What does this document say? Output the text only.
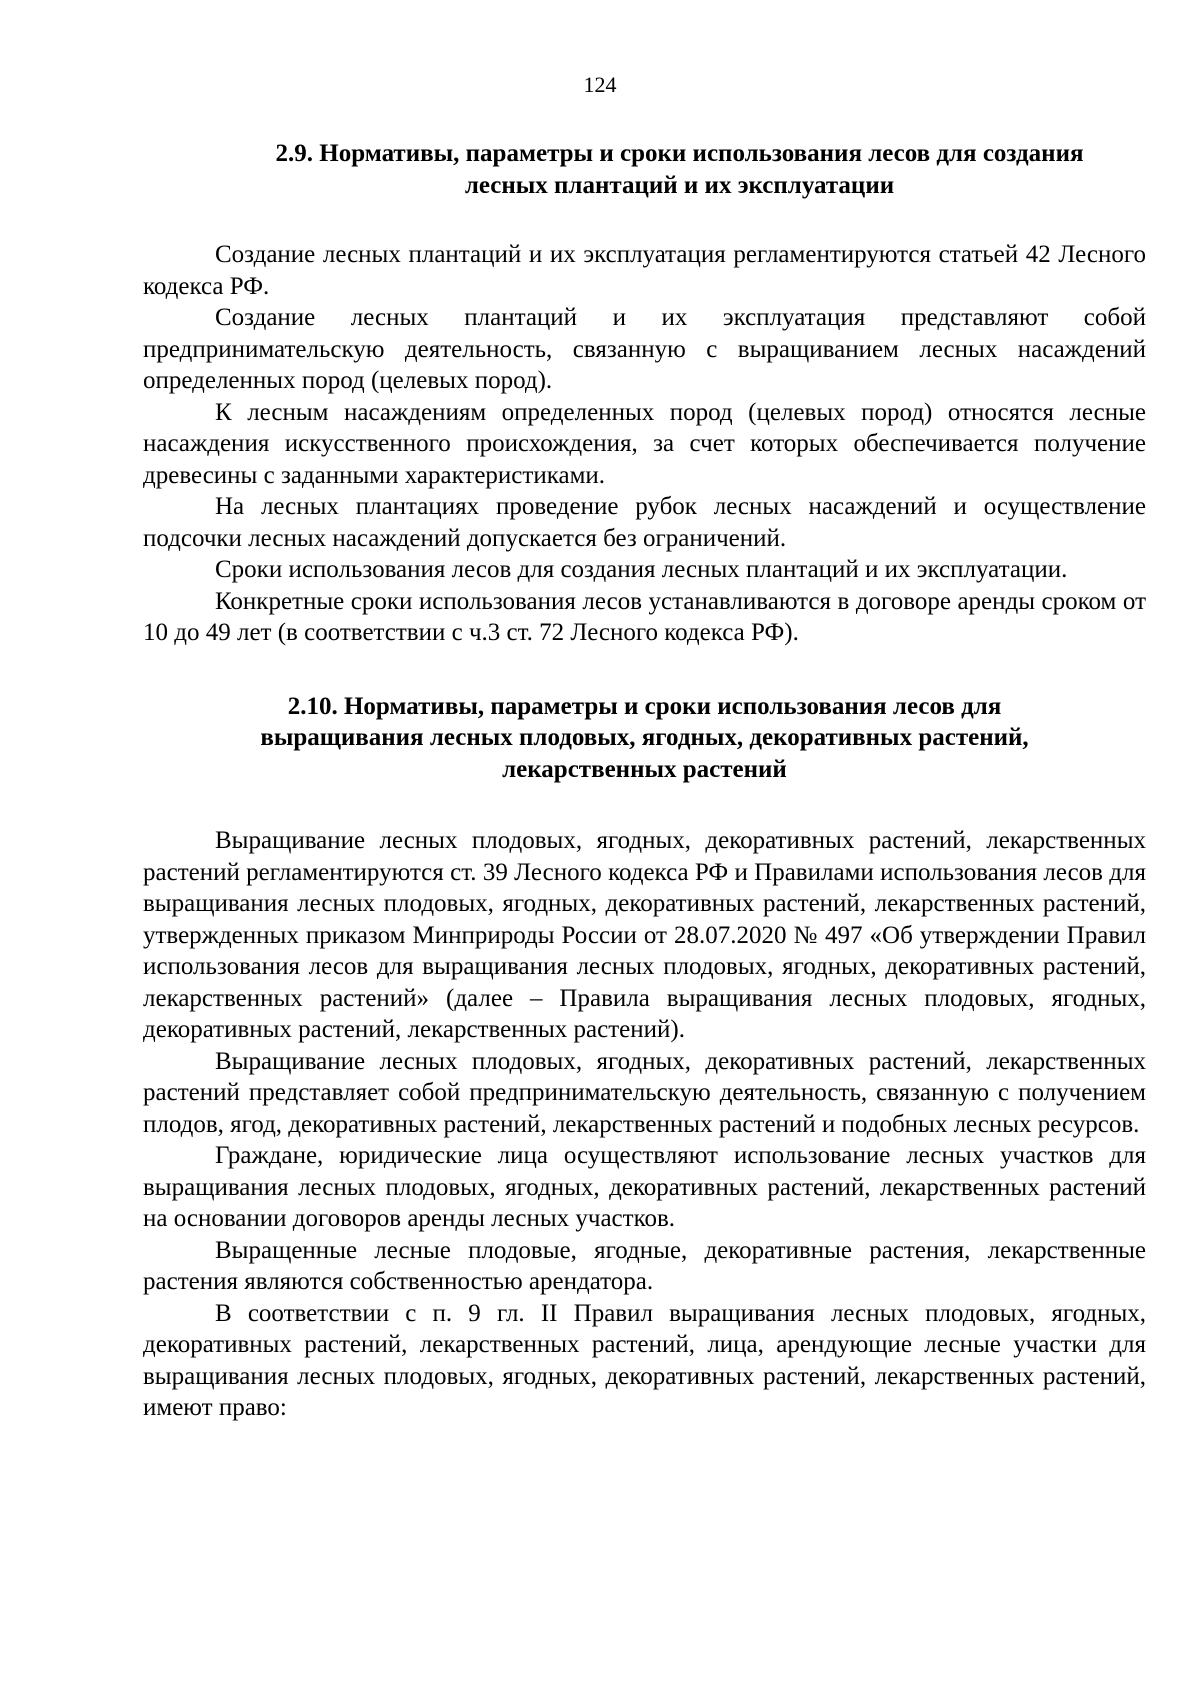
124
2.9. Нормативы, параметры и сроки использования лесов для создания
лесных плантаций и их эксплуатации

Создание лесных плантаций и их эксплуатация регламентируются статьей 42 Лесного кодекса РФ.

Создание лесных плантаций и их эксплуатация представляют собой предпринимательскую деятельность, связанную с выращиванием лесных насаждений определенных пород (целевых пород).

К лесным насаждениям определенных пород (целевых пород) относятся лесные насаждения искусственного происхождения, за счет которых обеспечивается получение древесины с заданными характеристиками.

На лесных плантациях проведение рубок лесных насаждений и осуществление подсочки лесных насаждений допускается без ограничений.

Сроки использования лесов для создания лесных плантаций и их эксплуатации.

Конкретные сроки использования лесов устанавливаются в договоре аренды сроком от 10 до 49 лет (в соответствии с ч.3 ст. 72 Лесного кодекса РФ).

2.10. Нормативы, параметры и сроки использования лесов для
выращивания лесных плодовых, ягодных, декоративных растений,
лекарственных растений

Выращивание лесных плодовых, ягодных, декоративных растений, лекарственных растений регламентируются ст. 39 Лесного кодекса РФ и Правилами использования лесов для выращивания лесных плодовых, ягодных, декоративных растений, лекарственных растений, утвержденных приказом Минприроды России от 28.07.2020 № 497 «Об утверждении Правил использования лесов для выращивания лесных плодовых, ягодных, декоративных растений, лекарственных растений» (далее – Правила выращивания лесных плодовых, ягодных, декоративных растений, лекарственных растений).

Выращивание лесных плодовых, ягодных, декоративных растений, лекарственных растений представляет собой предпринимательскую деятельность, связанную с получением плодов, ягод, декоративных растений, лекарственных растений и подобных лесных ресурсов.

Граждане, юридические лица осуществляют использование лесных участков для выращивания лесных плодовых, ягодных, декоративных растений, лекарственных растений на основании договоров аренды лесных участков.

Выращенные лесные плодовые, ягодные, декоративные растения, лекарственные растения являются собственностью арендатора.

В соответствии с п. 9 гл. II Правил выращивания лесных плодовых, ягодных, декоративных растений, лекарственных растений, лица, арендующие лесные участки для выращивания лесных плодовых, ягодных, декоративных растений, лекарственных растений, имеют право:
